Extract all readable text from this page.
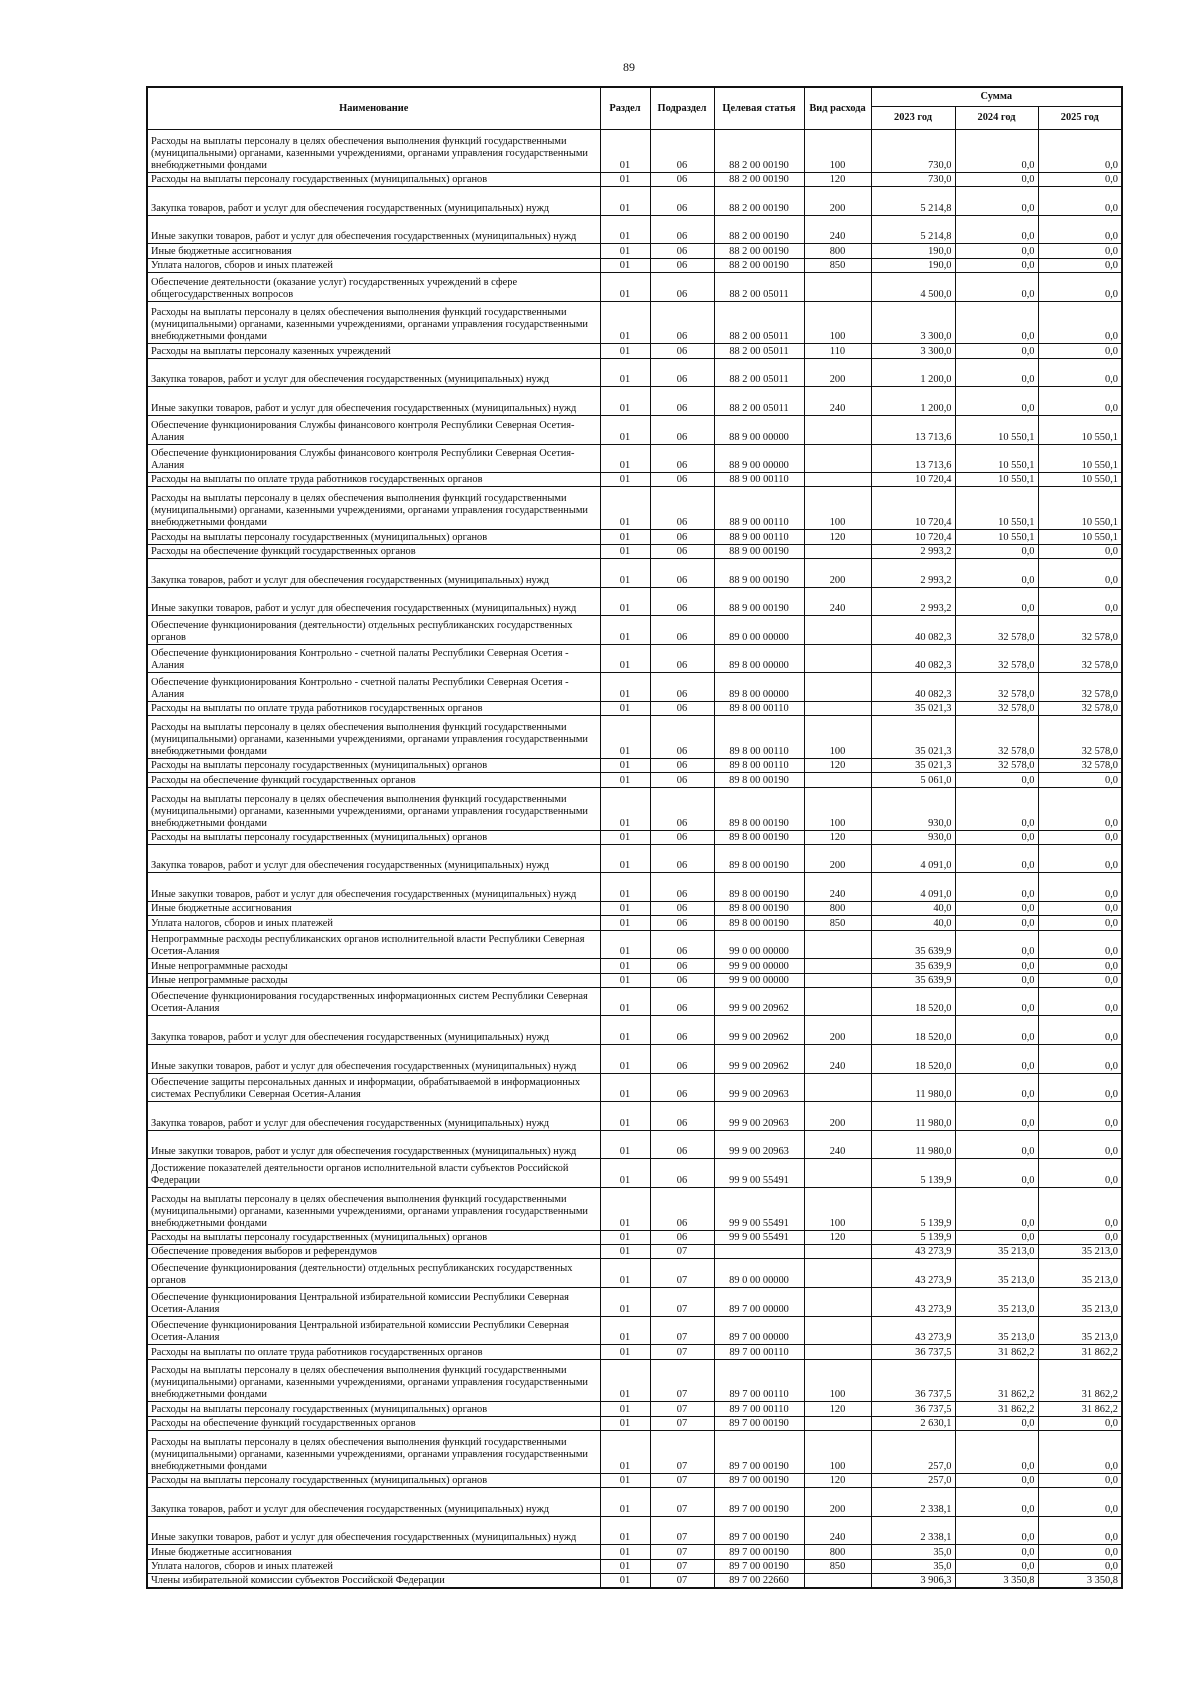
89
Наименование	Раздел	Подраздел	Целевая статья	Вид расхода	Сумма		
					2023 год	2024 год	2025 год
Расходы на выплаты персоналу в целях обеспечения выполнения функций государственными (муниципальными) органами, казенными учреждениями, органами управления государственными внебюджетными фондами	01	06	88 2 00 00190	100	730,0	0,0	0,0
Расходы на выплаты персоналу государственных (муниципальных) органов	01	06	88 2 00 00190	120	730,0	0,0	0,0
Закупка товаров, работ и услуг для обеспечения государственных (муниципальных) нужд	01	06	88 2 00 00190	200	5 214,8	0,0	0,0
Иные закупки товаров, работ и услуг для обеспечения государственных (муниципальных) нужд	01	06	88 2 00 00190	240	5 214,8	0,0	0,0
Иные бюджетные ассигнования	01	06	88 2 00 00190	800	190,0	0,0	0,0
Уплата налогов, сборов и иных платежей	01	06	88 2 00 00190	850	190,0	0,0	0,0
Обеспечение деятельности (оказание услуг) государственных учреждений в сфере общегосударственных вопросов	01	06	88 2 00 05011		4 500,0	0,0	0,0
Расходы на выплаты персоналу в целях обеспечения выполнения функций государственными (муниципальными) органами, казенными учреждениями, органами управления государственными внебюджетными фондами	01	06	88 2 00 05011	100	3 300,0	0,0	0,0
Расходы на выплаты персоналу казенных учреждений	01	06	88 2 00 05011	110	3 300,0	0,0	0,0
Закупка товаров, работ и услуг для обеспечения государственных (муниципальных) нужд	01	06	88 2 00 05011	200	1 200,0	0,0	0,0
Иные закупки товаров, работ и услуг для обеспечения государственных (муниципальных) нужд	01	06	88 2 00 05011	240	1 200,0	0,0	0,0
Обеспечение функционирования Службы финансового контроля Республики Северная Осетия-Алания	01	06	88 9 00 00000		13 713,6	10 550,1	10 550,1
Обеспечение функционирования Службы финансового контроля Республики Северная Осетия-Алания	01	06	88 9 00 00000		13 713,6	10 550,1	10 550,1
Расходы на выплаты по оплате труда работников государственных органов	01	06	88 9 00 00110		10 720,4	10 550,1	10 550,1
Расходы на выплаты персоналу в целях обеспечения выполнения функций государственными (муниципальными) органами, казенными учреждениями, органами управления государственными внебюджетными фондами	01	06	88 9 00 00110	100	10 720,4	10 550,1	10 550,1
Расходы на выплаты персоналу государственных (муниципальных) органов	01	06	88 9 00 00110	120	10 720,4	10 550,1	10 550,1
Расходы на обеспечение функций государственных органов	01	06	88 9 00 00190		2 993,2	0,0	0,0
Закупка товаров, работ и услуг для обеспечения государственных (муниципальных) нужд	01	06	88 9 00 00190	200	2 993,2	0,0	0,0
Иные закупки товаров, работ и услуг для обеспечения государственных (муниципальных) нужд	01	06	88 9 00 00190	240	2 993,2	0,0	0,0
Обеспечение функционирования (деятельности) отдельных республиканских государственных органов	01	06	89 0 00 00000		40 082,3	32 578,0	32 578,0
Обеспечение функционирования Контрольно - счетной палаты Республики Северная Осетия - Алания	01	06	89 8 00 00000		40 082,3	32 578,0	32 578,0
Обеспечение функционирования Контрольно - счетной палаты Республики Северная Осетия - Алания	01	06	89 8 00 00000		40 082,3	32 578,0	32 578,0
Расходы на выплаты по оплате труда работников государственных органов	01	06	89 8 00 00110		35 021,3	32 578,0	32 578,0
Расходы на выплаты персоналу в целях обеспечения выполнения функций государственными (муниципальными) органами, казенными учреждениями, органами управления государственными внебюджетными фондами	01	06	89 8 00 00110	100	35 021,3	32 578,0	32 578,0
Расходы на выплаты персоналу государственных (муниципальных) органов	01	06	89 8 00 00110	120	35 021,3	32 578,0	32 578,0
Расходы на обеспечение функций государственных органов	01	06	89 8 00 00190		5 061,0	0,0	0,0
Расходы на выплаты персоналу в целях обеспечения выполнения функций государственными (муниципальными) органами, казенными учреждениями, органами управления государственными внебюджетными фондами	01	06	89 8 00 00190	100	930,0	0,0	0,0
Расходы на выплаты персоналу государственных (муниципальных) органов	01	06	89 8 00 00190	120	930,0	0,0	0,0
Закупка товаров, работ и услуг для обеспечения государственных (муниципальных) нужд	01	06	89 8 00 00190	200	4 091,0	0,0	0,0
Иные закупки товаров, работ и услуг для обеспечения государственных (муниципальных) нужд	01	06	89 8 00 00190	240	4 091,0	0,0	0,0
Иные бюджетные ассигнования	01	06	89 8 00 00190	800	40,0	0,0	0,0
Уплата налогов, сборов и иных платежей	01	06	89 8 00 00190	850	40,0	0,0	0,0
Непрограммные расходы республиканских органов исполнительной власти Республики Северная Осетия-Алания	01	06	99 0 00 00000		35 639,9	0,0	0,0
Иные непрограммные расходы	01	06	99 9 00 00000		35 639,9	0,0	0,0
Иные непрограммные расходы	01	06	99 9 00 00000		35 639,9	0,0	0,0
Обеспечение функционирования государственных информационных систем Республики Северная Осетия-Алания	01	06	99 9 00 20962		18 520,0	0,0	0,0
Закупка товаров, работ и услуг для обеспечения государственных (муниципальных) нужд	01	06	99 9 00 20962	200	18 520,0	0,0	0,0
Иные закупки товаров, работ и услуг для обеспечения государственных (муниципальных) нужд	01	06	99 9 00 20962	240	18 520,0	0,0	0,0
Обеспечение защиты персональных данных и информации, обрабатываемой в информационных системах Республики Северная Осетия-Алания	01	06	99 9 00 20963		11 980,0	0,0	0,0
Закупка товаров, работ и услуг для обеспечения государственных (муниципальных) нужд	01	06	99 9 00 20963	200	11 980,0	0,0	0,0
Иные закупки товаров, работ и услуг для обеспечения государственных (муниципальных) нужд	01	06	99 9 00 20963	240	11 980,0	0,0	0,0
Достижение показателей деятельности органов исполнительной власти субъектов Российской Федерации	01	06	99 9 00 55491		5 139,9	0,0	0,0
Расходы на выплаты персоналу в целях обеспечения выполнения функций государственными (муниципальными) органами, казенными учреждениями, органами управления государственными внебюджетными фондами	01	06	99 9 00 55491	100	5 139,9	0,0	0,0
Расходы на выплаты персоналу государственных (муниципальных) органов	01	06	99 9 00 55491	120	5 139,9	0,0	0,0
Обеспечение проведения выборов и референдумов	01	07			43 273,9	35 213,0	35 213,0
Обеспечение функционирования (деятельности) отдельных республиканских государственных органов	01	07	89 0 00 00000		43 273,9	35 213,0	35 213,0
Обеспечение функционирования Центральной избирательной комиссии Республики Северная Осетия-Алания	01	07	89 7 00 00000		43 273,9	35 213,0	35 213,0
Обеспечение функционирования Центральной избирательной комиссии Республики Северная Осетия-Алания	01	07	89 7 00 00000		43 273,9	35 213,0	35 213,0
Расходы на выплаты по оплате труда работников государственных органов	01	07	89 7 00 00110		36 737,5	31 862,2	31 862,2
Расходы на выплаты персоналу в целях обеспечения выполнения функций государственными (муниципальными) органами, казенными учреждениями, органами управления государственными внебюджетными фондами	01	07	89 7 00 00110	100	36 737,5	31 862,2	31 862,2
Расходы на выплаты персоналу государственных (муниципальных) органов	01	07	89 7 00 00110	120	36 737,5	31 862,2	31 862,2
Расходы на обеспечение функций государственных органов	01	07	89 7 00 00190		2 630,1	0,0	0,0
Расходы на выплаты персоналу в целях обеспечения выполнения функций государственными (муниципальными) органами, казенными учреждениями, органами управления государственными внебюджетными фондами	01	07	89 7 00 00190	100	257,0	0,0	0,0
Расходы на выплаты персоналу государственных (муниципальных) органов	01	07	89 7 00 00190	120	257,0	0,0	0,0
Закупка товаров, работ и услуг для обеспечения государственных (муниципальных) нужд	01	07	89 7 00 00190	200	2 338,1	0,0	0,0
Иные закупки товаров, работ и услуг для обеспечения государственных (муниципальных) нужд	01	07	89 7 00 00190	240	2 338,1	0,0	0,0
Иные бюджетные ассигнования	01	07	89 7 00 00190	800	35,0	0,0	0,0
Уплата налогов, сборов и иных платежей	01	07	89 7 00 00190	850	35,0	0,0	0,0
Члены избирательной комиссии субъектов Российской Федерации	01	07	89 7 00 22660		3 906,3	3 350,8	3 350,8
